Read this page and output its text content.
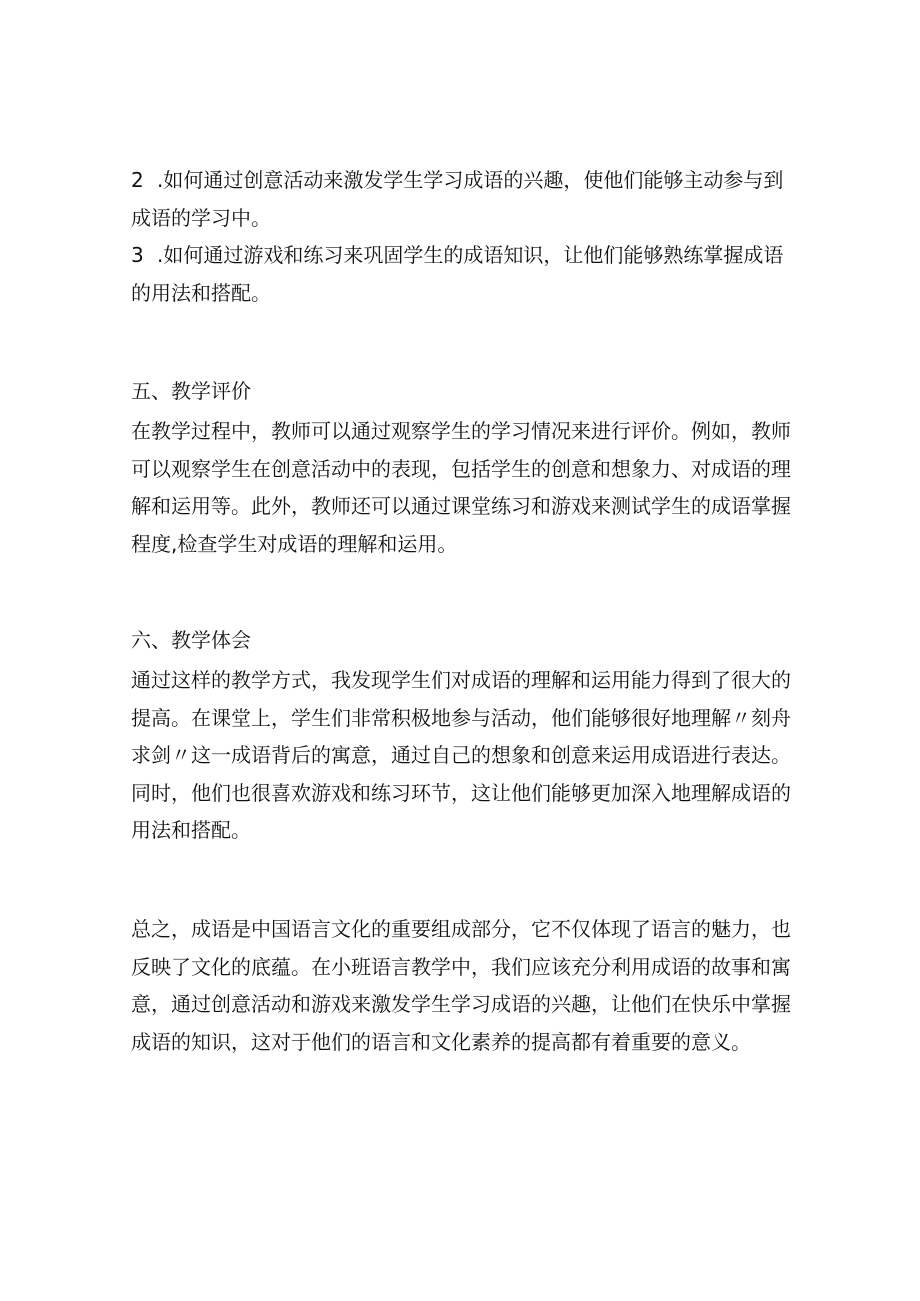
2 .如何通过创意活动来激发学生学习成语的兴趣，使他们能够主动参与到成语的学习中。

3 .如何通过游戏和练习来巩固学生的成语知识，让他们能够熟练掌握成语的用法和搭配。

五、教学评价

在教学过程中，教师可以通过观察学生的学习情况来进行评价。例如，教师可以观察学生在创意活动中的表现，包括学生的创意和想象力、对成语的理解和运用等。此外，教师还可以通过课堂练习和游戏来测试学生的成语掌握程度,检查学生对成语的理解和运用。

六、教学体会

通过这样的教学方式，我发现学生们对成语的理解和运用能力得到了很大的提高。在课堂上，学生们非常积极地参与活动，他们能够很好地理解〃刻舟求剑〃这一成语背后的寓意，通过自己的想象和创意来运用成语进行表达。同时，他们也很喜欢游戏和练习环节，这让他们能够更加深入地理解成语的用法和搭配。

总之，成语是中国语言文化的重要组成部分，它不仅体现了语言的魅力，也反映了文化的底蕴。在小班语言教学中，我们应该充分利用成语的故事和寓意，通过创意活动和游戏来激发学生学习成语的兴趣，让他们在快乐中掌握成语的知识，这对于他们的语言和文化素养的提高都有着重要的意义。
